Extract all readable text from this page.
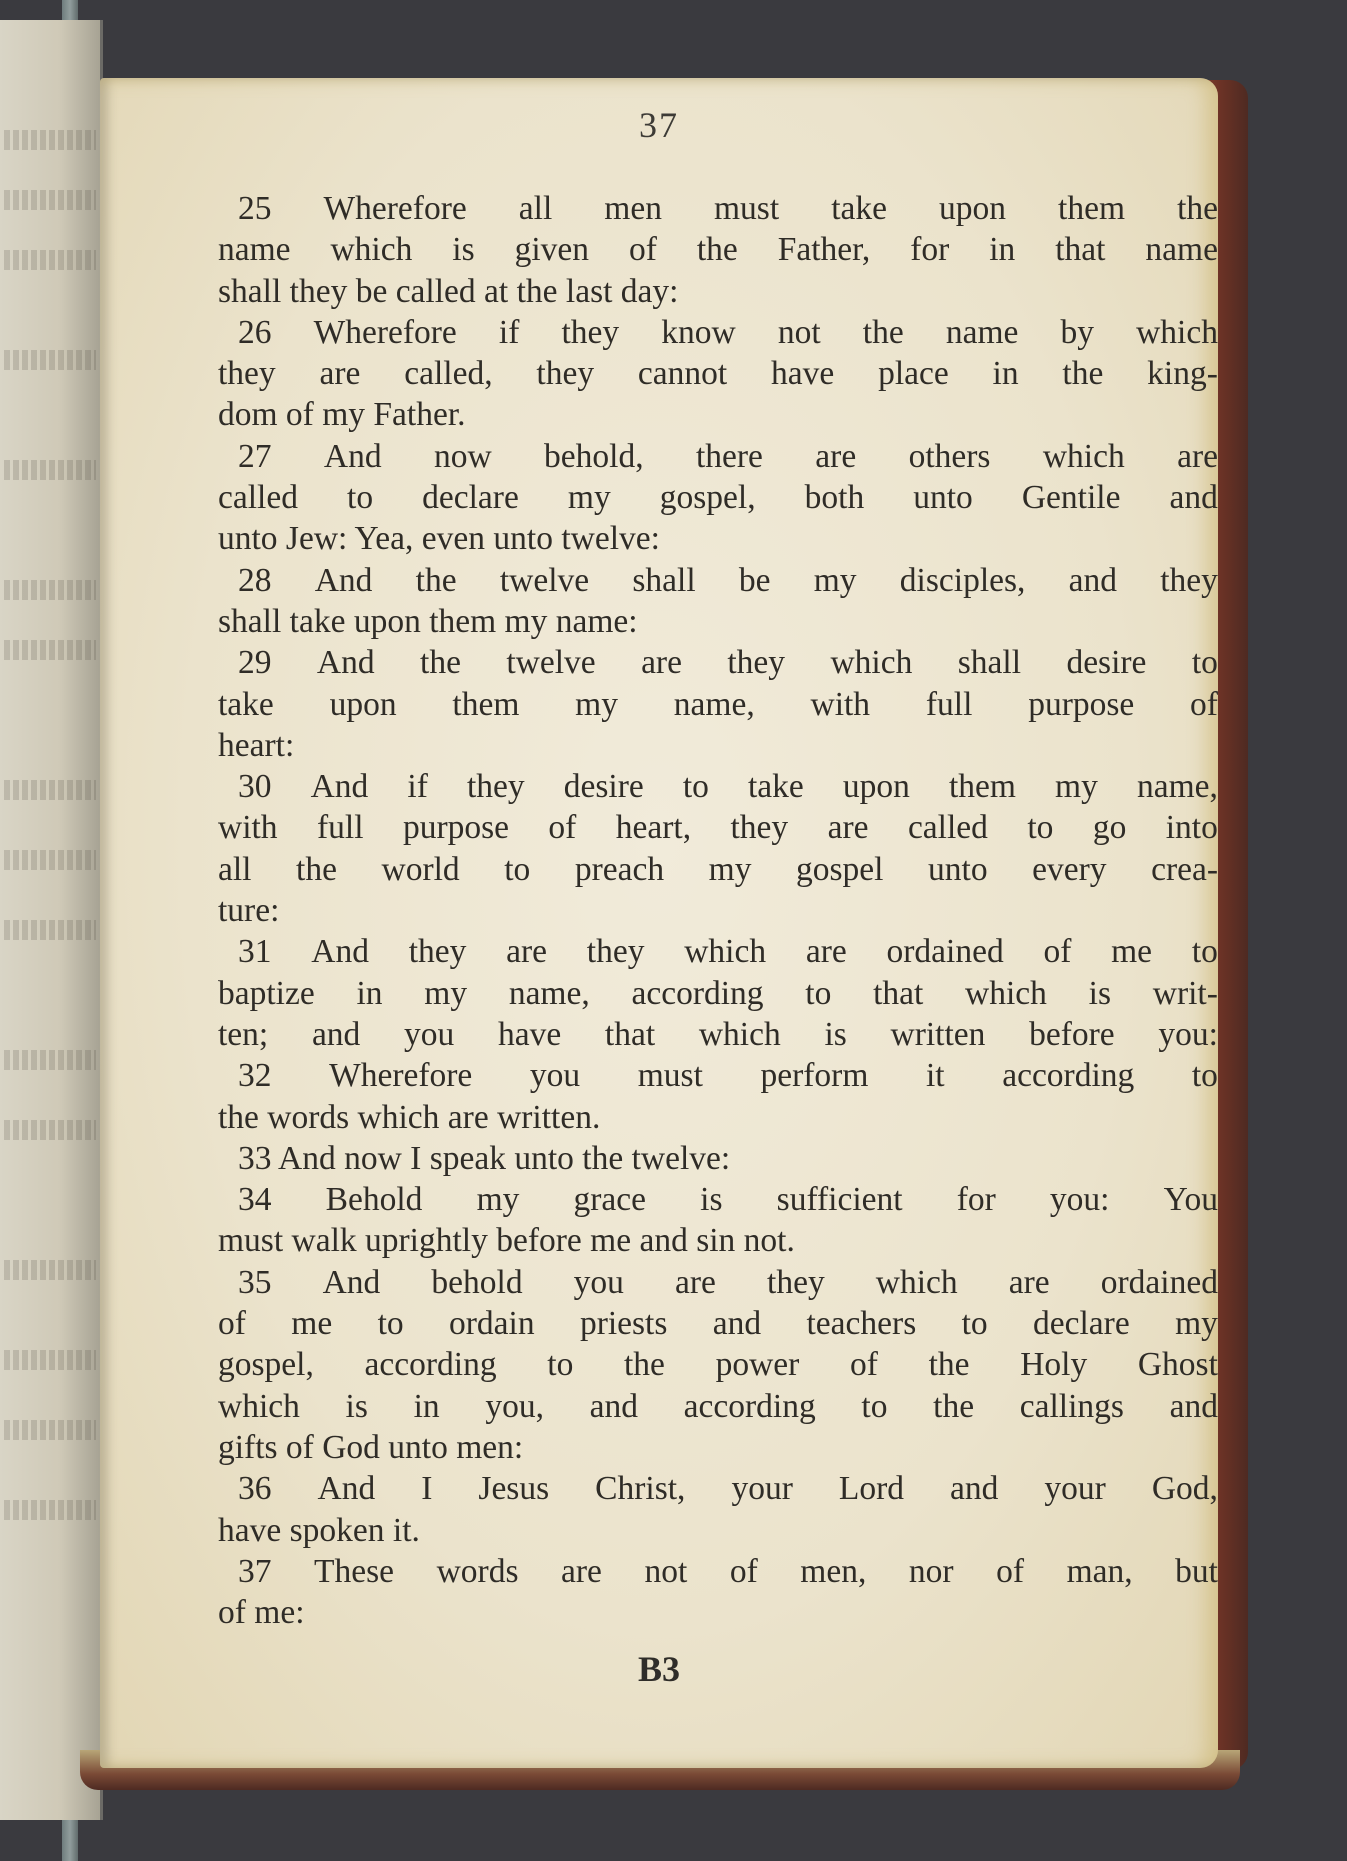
37
25 Wherefore all men must take upon them the
name which is given of the Father, for in that name
shall they be called at the last day:
26 Wherefore if they know not the name by which
they are called, they cannot have place in the king-
dom of my Father.
27 And now behold, there are others which are
called to declare my gospel, both unto Gentile and
unto Jew: Yea, even unto twelve:
28 And the twelve shall be my disciples, and they
shall take upon them my name:
29 And the twelve are they which shall desire to
take upon them my name, with full purpose of
heart:
30 And if they desire to take upon them my name,
with full purpose of heart, they are called to go into
all the world to preach my gospel unto every crea-
ture:
31 And they are they which are ordained of me to
baptize in my name, according to that which is writ-
ten; and you have that which is written before you:
32 Wherefore you must perform it according to
the words which are written.
33 And now I speak unto the twelve:
34 Behold my grace is sufficient for you: You
must walk uprightly before me and sin not.
35 And behold you are they which are ordained
of me to ordain priests and teachers to declare my
gospel, according to the power of the Holy Ghost
which is in you, and according to the callings and
gifts of God unto men:
36 And I Jesus Christ, your Lord and your God,
have spoken it.
37 These words are not of men, nor of man, but
of me:
B3
